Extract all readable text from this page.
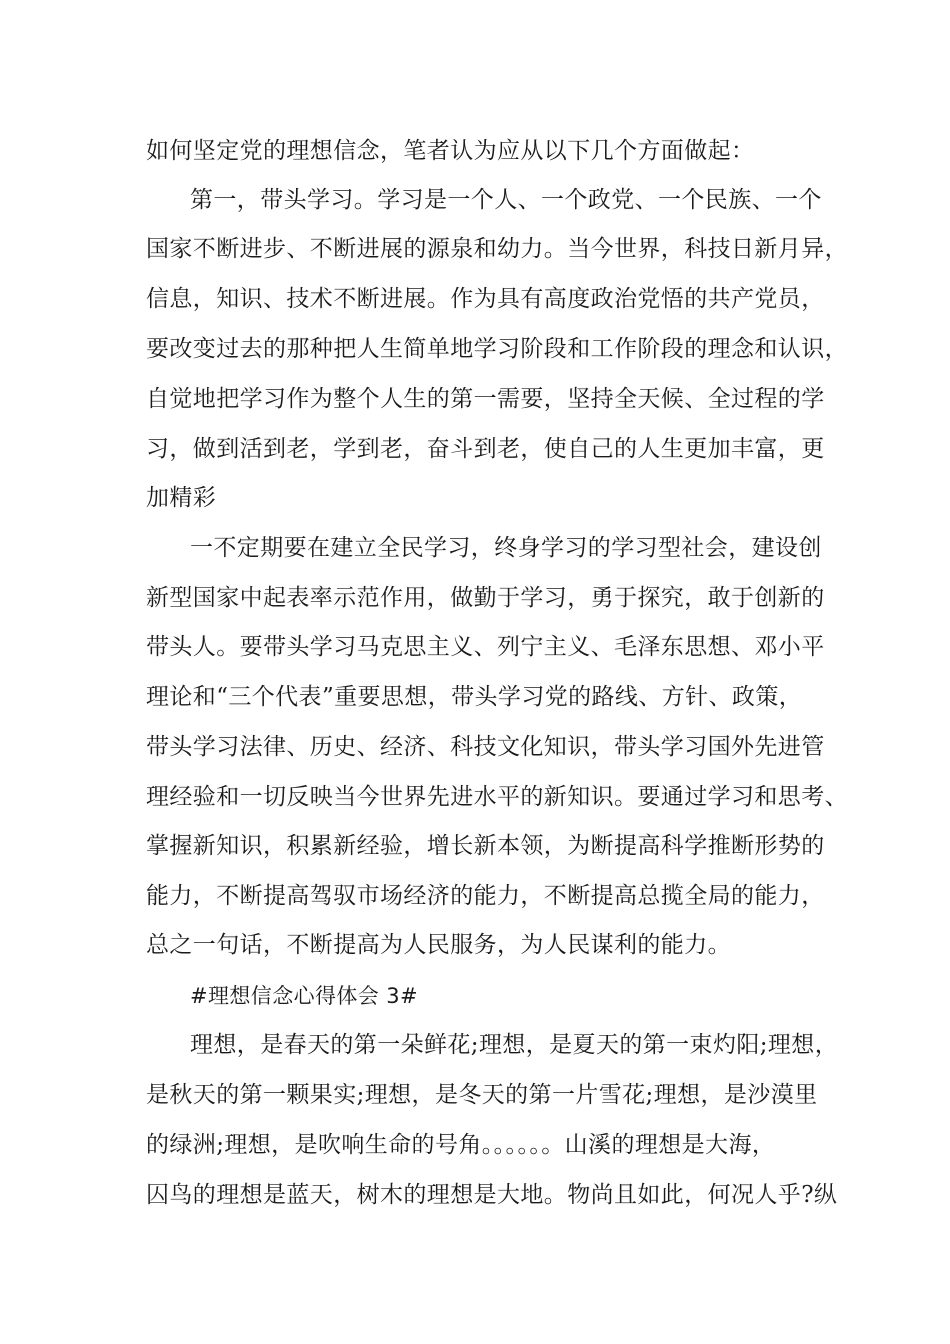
如何坚定党的理想信念，笔者认为应从以下几个方面做起：
第一，带头学习。学习是一个人、一个政党、一个民族、一个
国家不断进步、不断进展的源泉和幼力。当今世界，科技日新月异，
信息，知识、技术不断进展。作为具有高度政治党悟的共产党员，
要改变过去的那种把人生简单地学习阶段和工作阶段的理念和认识，
自觉地把学习作为整个人生的第一需要，坚持全天候、全过程的学
习，做到活到老，学到老，奋斗到老，使自己的人生更加丰富，更
加精彩
一不定期要在建立全民学习，终身学习的学习型社会，建设创
新型国家中起表率示范作用，做勤于学习，勇于探究，敢于创新的
带头人。要带头学习马克思主义、列宁主义、毛泽东思想、邓小平
理论和“三个代表”重要思想，带头学习党的路线、方针、政策，
带头学习法律、历史、经济、科技文化知识，带头学习国外先进管
理经验和一切反映当今世界先进水平的新知识。要通过学习和思考、
掌握新知识，积累新经验，增长新本领，为断提高科学推断形势的
能力，不断提高驾驭市场经济的能力，不断提高总揽全局的能力，
总之一句话，不断提高为人民服务，为人民谋利的能力。
#理想信念心得体会 3#
理想，是春天的第一朵鲜花;理想，是夏天的第一束灼阳;理想，
是秋天的第一颗果实;理想，是冬天的第一片雪花;理想，是沙漠里
的绿洲;理想，是吹响生命的号角。。。。。。山溪的理想是大海，
囚鸟的理想是蓝天，树木的理想是大地。物尚且如此，何况人乎?纵
